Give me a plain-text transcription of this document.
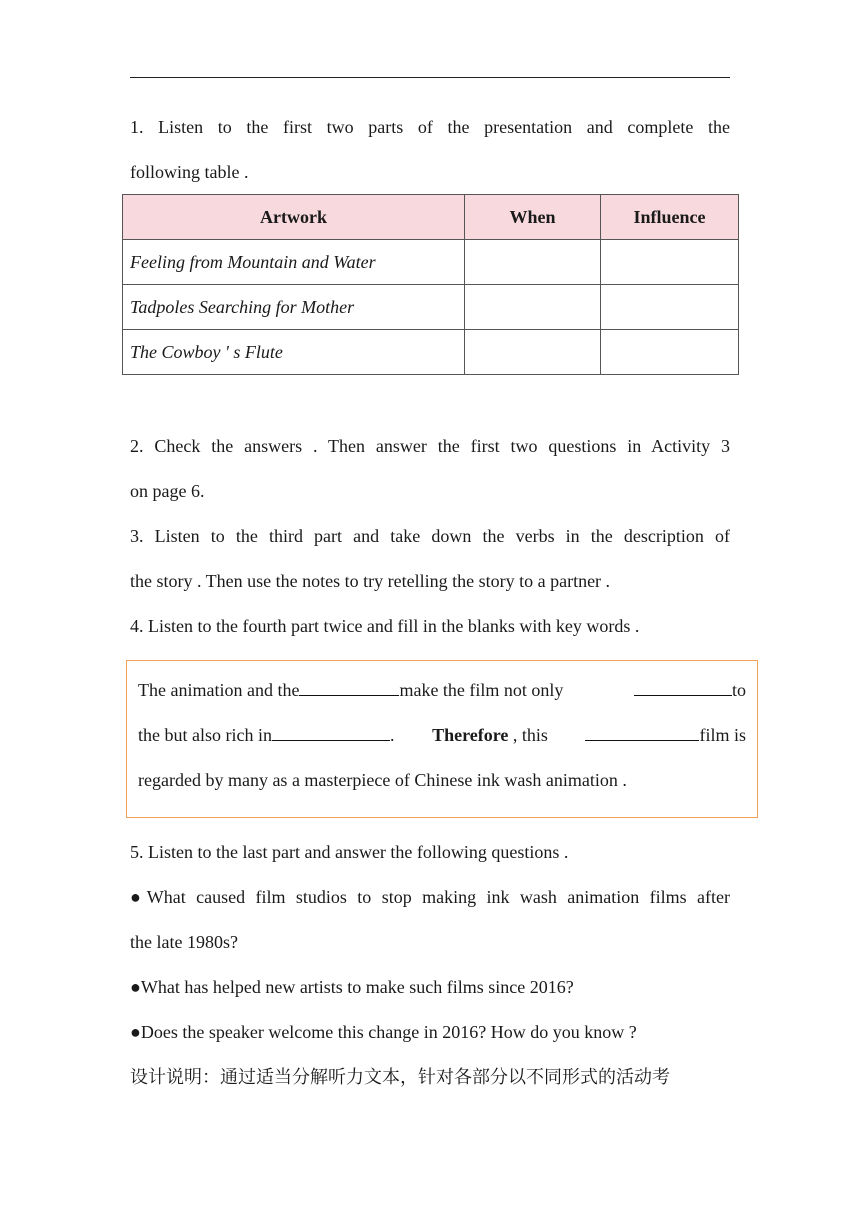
1. Listen to the first two parts of the presentation and complete the

following table .

Artwork	When	Influence
Feeling from Mountain and Water		
Tadpoles Searching for Mother		
The Cowboy ' s Flute		

2. Check the answers . Then answer the first two questions in Activity 3

on page 6.

3. Listen to the third part and take down the verbs in the description of

the story . Then use the notes to try retelling the story to a partner .

4. Listen to the fourth part twice and fill in the blanks with key words .

The animation and the	make the film not only	to
the but also rich in	. Therefore , this	film is
regarded by many as a masterpiece of Chinese ink wash animation .

5. Listen to the last part and answer the following questions .

●What caused film studios to stop making ink wash animation films after

the late 1980s?

●What has helped new artists to make such films since 2016?

●Does the speaker welcome this change in 2016? How do you know ?

设计说明：通过适当分解听力文本，针对各部分以不同形式的活动考
